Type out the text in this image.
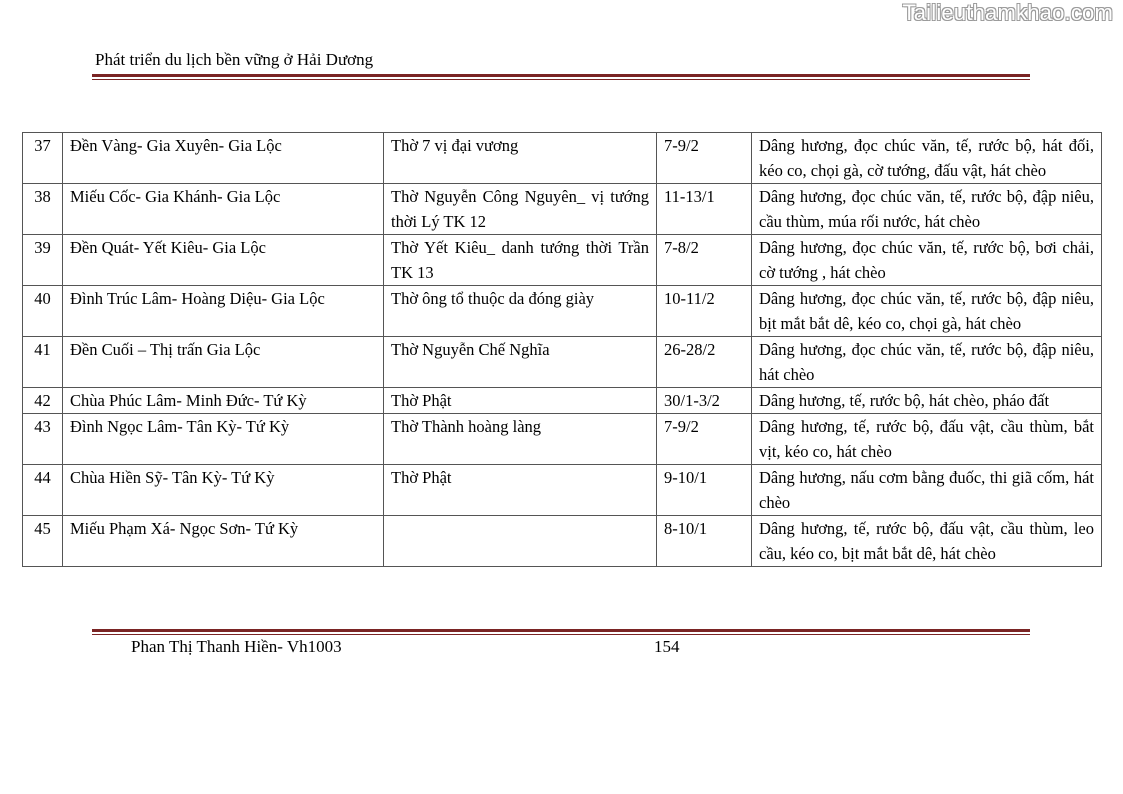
Tailieuthamkhao.com
Phát triển du lịch bền vững ở Hải Dương
37	Đền Vàng- Gia Xuyên- Gia Lộc	Thờ 7 vị đại vương	7-9/2	Dâng hương, đọc chúc văn, tế, rước bộ, hát đối, kéo co, chọi gà, cờ tướng, đấu vật, hát chèo
38	Miếu Cốc- Gia Khánh- Gia Lộc	Thờ Nguyễn Công Nguyên_ vị tướng thời Lý TK 12	11-13/1	Dâng hương, đọc chúc văn, tế, rước bộ, đập niêu, cầu thùm, múa rối nước, hát chèo
39	Đền Quát- Yết Kiêu- Gia Lộc	Thờ Yết Kiêu_ danh tướng thời Trần TK 13	7-8/2	Dâng hương, đọc chúc văn, tế, rước bộ, bơi chải, cờ tướng , hát chèo
40	Đình Trúc Lâm- Hoàng Diệu- Gia Lộc	Thờ ông tổ thuộc da đóng giày	10-11/2	Dâng hương, đọc chúc văn, tế, rước bộ, đập niêu, bịt mắt bắt dê, kéo co, chọi gà, hát chèo
41	Đền Cuối – Thị trấn Gia Lộc	Thờ Nguyễn Chế Nghĩa	26-28/2	Dâng hương, đọc chúc văn, tế, rước bộ, đập niêu, hát chèo
42	Chùa Phúc Lâm- Minh Đức- Tứ Kỳ	Thờ Phật	30/1-3/2	Dâng hương, tế, rước bộ, hát chèo, pháo đất
43	Đình Ngọc Lâm- Tân Kỳ- Tứ Kỳ	Thờ Thành hoàng làng	7-9/2	Dâng hương, tế, rước bộ, đấu vật, cầu thùm, bắt vịt, kéo co, hát chèo
44	Chùa Hiền Sỹ- Tân Kỳ- Tứ Kỳ	Thờ Phật	9-10/1	Dâng hương, nấu cơm bằng đuốc, thi giã cốm, hát chèo
45	Miếu Phạm Xá- Ngọc Sơn- Tứ Kỳ		8-10/1	Dâng hương, tế, rước bộ, đấu vật, cầu thùm, leo cầu, kéo co, bịt mắt bắt dê, hát chèo
Phan Thị Thanh Hiền- Vh1003	154
